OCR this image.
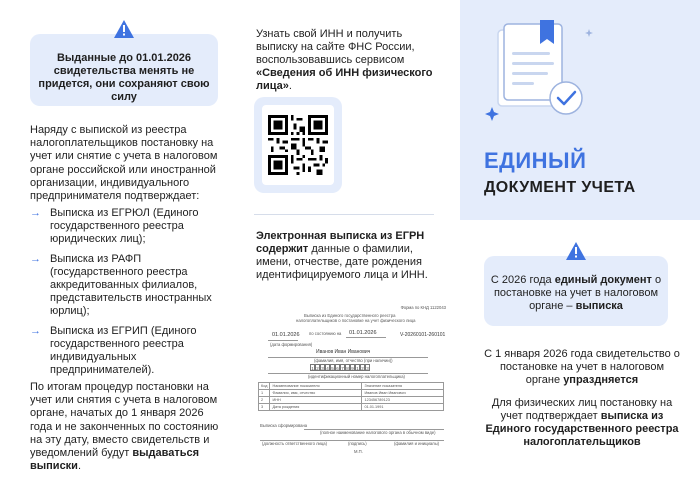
Выданные до 01.01.2026 свидетельства менять не придется, они сохраняют свою силу
Наряду с выпиской из реестра налогоплательщиков постановку на учет или снятие с учета в налоговом органе российской или иностранной организации, индивидуального предпринимателя подтверждает:
→ Выписка из ЕГРЮЛ (Единого государственного реестра юридических лиц);
→ Выписка из РАФП (государственного реестра аккредитованных филиалов, представительств иностранных юрлиц);
→ Выписка из ЕГРИП (Единого государственного реестра индивидуальных предпринимателей).
По итогам процедур постановки на учет или снятия с учета в налоговом органе, начатых до 1 января 2026 года и не законченных по состоянию на эту дату, вместо свидетельств и уведомлений будут выдаваться выписки.
Узнать свой ИНН и получить выписку на сайте ФНС России, воспользовавшись сервисом «Сведения об ИНН физического лица».
Электронная выписка из ЕГРН содержит данные о фамилии, имени, отчестве, дате рождения идентифицируемого лица и ИНН.
Форма по КНД 1122043
Выписка из Единого государственного реестра
налогоплательщиков о постановке на учет физического лица
01.01.2026 по состоянию на 01.01.2026	V-20260101-260101
(дата формирования)
Иванов Иван Иванович
(фамилия, имя, отчество (при наличии))
1 2 3 4 5 6 7 8 9 1 2 3
(идентификационный номер налогоплательщика)
Код	Наименование показателя	Значение показателя
1	Фамилия, имя, отчество	Иванов Иван Иванович
2	ИНН	123456789123
3	Дата рождения	01.01.1991
Выписка сформирована
(полное наименование налогового органа в обычном виде)
(должность ответственного лица)	(подпись)	(фамилия и инициалы)
М.П.
ЕДИНЫЙ
ДОКУМЕНТ УЧЕТА
С 2026 года единый документ о постановке на учет в налоговом органе – выписка
С 1 января 2026 года свидетельство о постановке на учет в налоговом органе упраздняется
Для физических лиц постановку на учет подтверждает выписка из Единого государственного реестра налогоплательщиков
